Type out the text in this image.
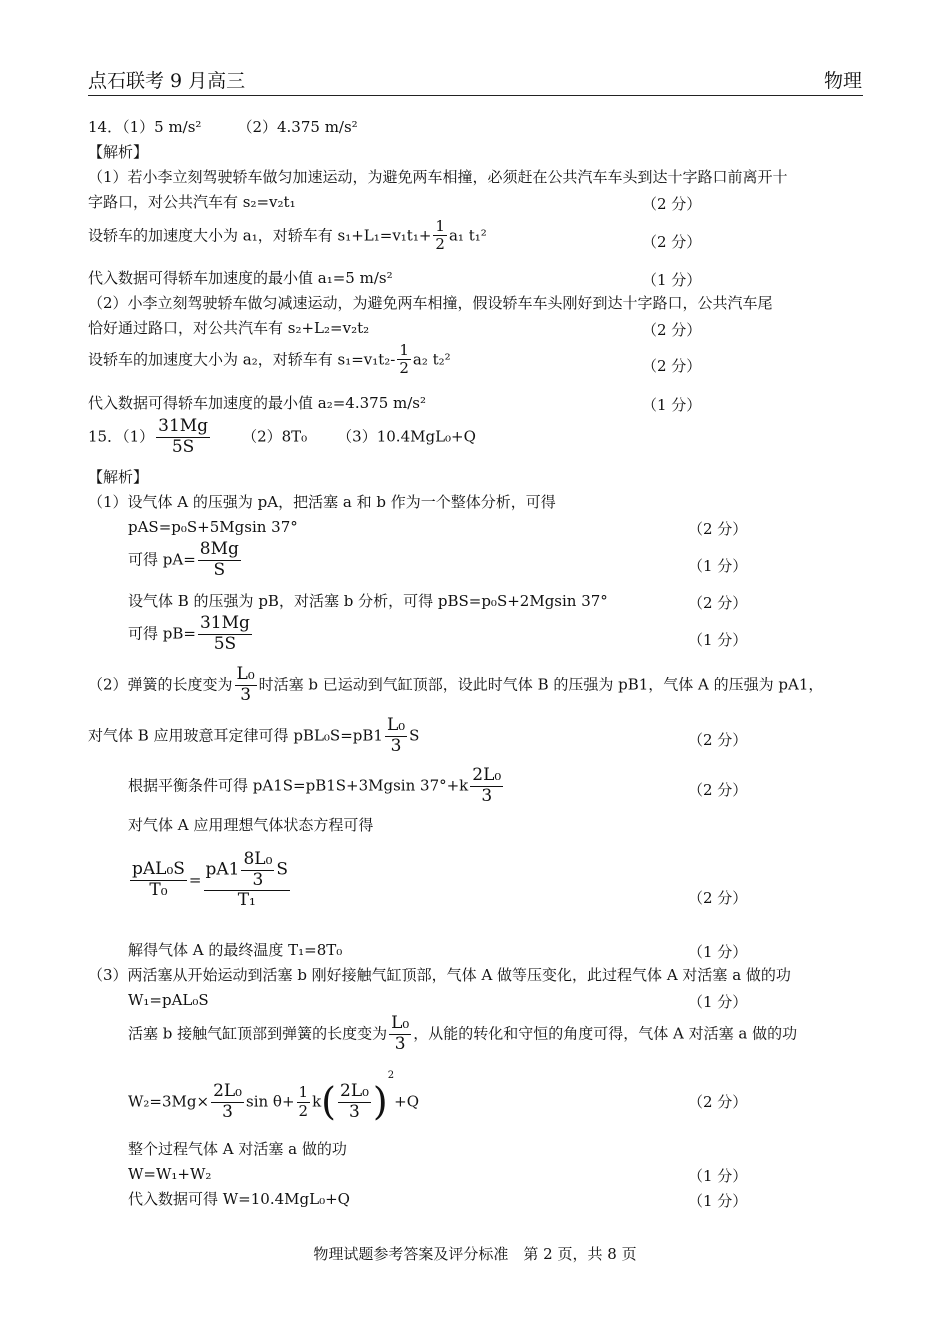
点石联考 9 月高三	物理
14．（1）5 m/s² （2）4.375 m/s²
【解析】
（1）若小李立刻驾驶轿车做匀加速运动，为避免两车相撞，必须赶在公共汽车车头到达十字路口前离开十
字路口，对公共汽车有 s₂=v₂t₁	（2 分）
设轿车的加速度大小为 a₁，对轿车有 $s_1+L_1=v_1t_1+ \frac{1}{2} a_1$ t₁²	（2 分）
代入数据可得轿车加速度的最小值 a₁=5 m/s²	（1 分）
（2）小李立刻驾驶轿车做匀减速运动，为避免两车相撞，假设轿车车头刚好到达十字路口，公共汽车尾
恰好通过路口，对公共汽车有 s₂+L₂=v₂t₂	（2 分）
设轿车的加速度大小为 a₂，对轿车有 $s_1=v_1t_2- \frac{1}{2} a_2$ t₂²	（2 分）
代入数据可得轿车加速度的最小值 a₂=4.375 m/s²	（1 分）
15．$(1) \frac{31Mg}{5S} (2)8T_0$ （3）10.4MgL₀+Q
【解析】
（1）设气体 A 的压强为 pA，把活塞 a 和 b 作为一个整体分析，可得
pAS=p₀S+5Mgsin 37°	（2 分）
可得 $pA= \frac{8Mg}{S}$	（1 分）
设气体 B 的压强为 pB，对活塞 b 分析，可得 pBS=p₀S+2Mgsin 37°	（2 分）
可得 $pB= \frac{31Mg}{5S}$	（1 分）
（2）弹簧的长度变为 $\frac{\text{L₀}}{3}$ 时活塞 b 已运动到气缸顶部，设此时气体 B 的压强为 pB1，气体 A 的压强为 pA1，
对气体 B 应用玻意耳定律可得 $pBL_0S=pB1 \frac{\text{L₀}}{3}$ S	（2 分）
根据平衡条件可得 pA1S=pB1S+3Mgsin $37^\circ+k \frac{\text{2L₀}}{3}$	（2 分）
对气体 A 应用理想气体状态方程可得
$\frac{\text{pAL₀S}}{\text{T₀}} = \frac{pA1 \frac{\text{8L₀}}{3} S}{\text{T₁}}$	（2 分）
解得气体 A 的最终温度 T₁=8T₀	（1 分）
（3）两活塞从开始运动到活塞 b 刚好接触气缸顶部，气体 A 做等压变化，此过程气体 A 对活塞 a 做的功
W₁=pAL₀S	（1 分）
活塞 b 接触气缸顶部到弹簧的长度变为 $\frac{\text{L₀}}{3}$ ，从能的转化和守恒的角度可得，气体 A 对活塞 a 做的功
$W_2=3Mg\times \frac{\text{2L₀}}{3}$ $\sin \theta+ \frac{1}{2} k( \frac{\text{2L₀}}{3} )^2+Q$	（2 分）
整个过程气体 A 对活塞 a 做的功
W=W₁+W₂	（1 分）
代入数据可得 W=10.4MgL₀+Q	（1 分）
物理试题参考答案及评分标准　第 2 页，共 8 页
